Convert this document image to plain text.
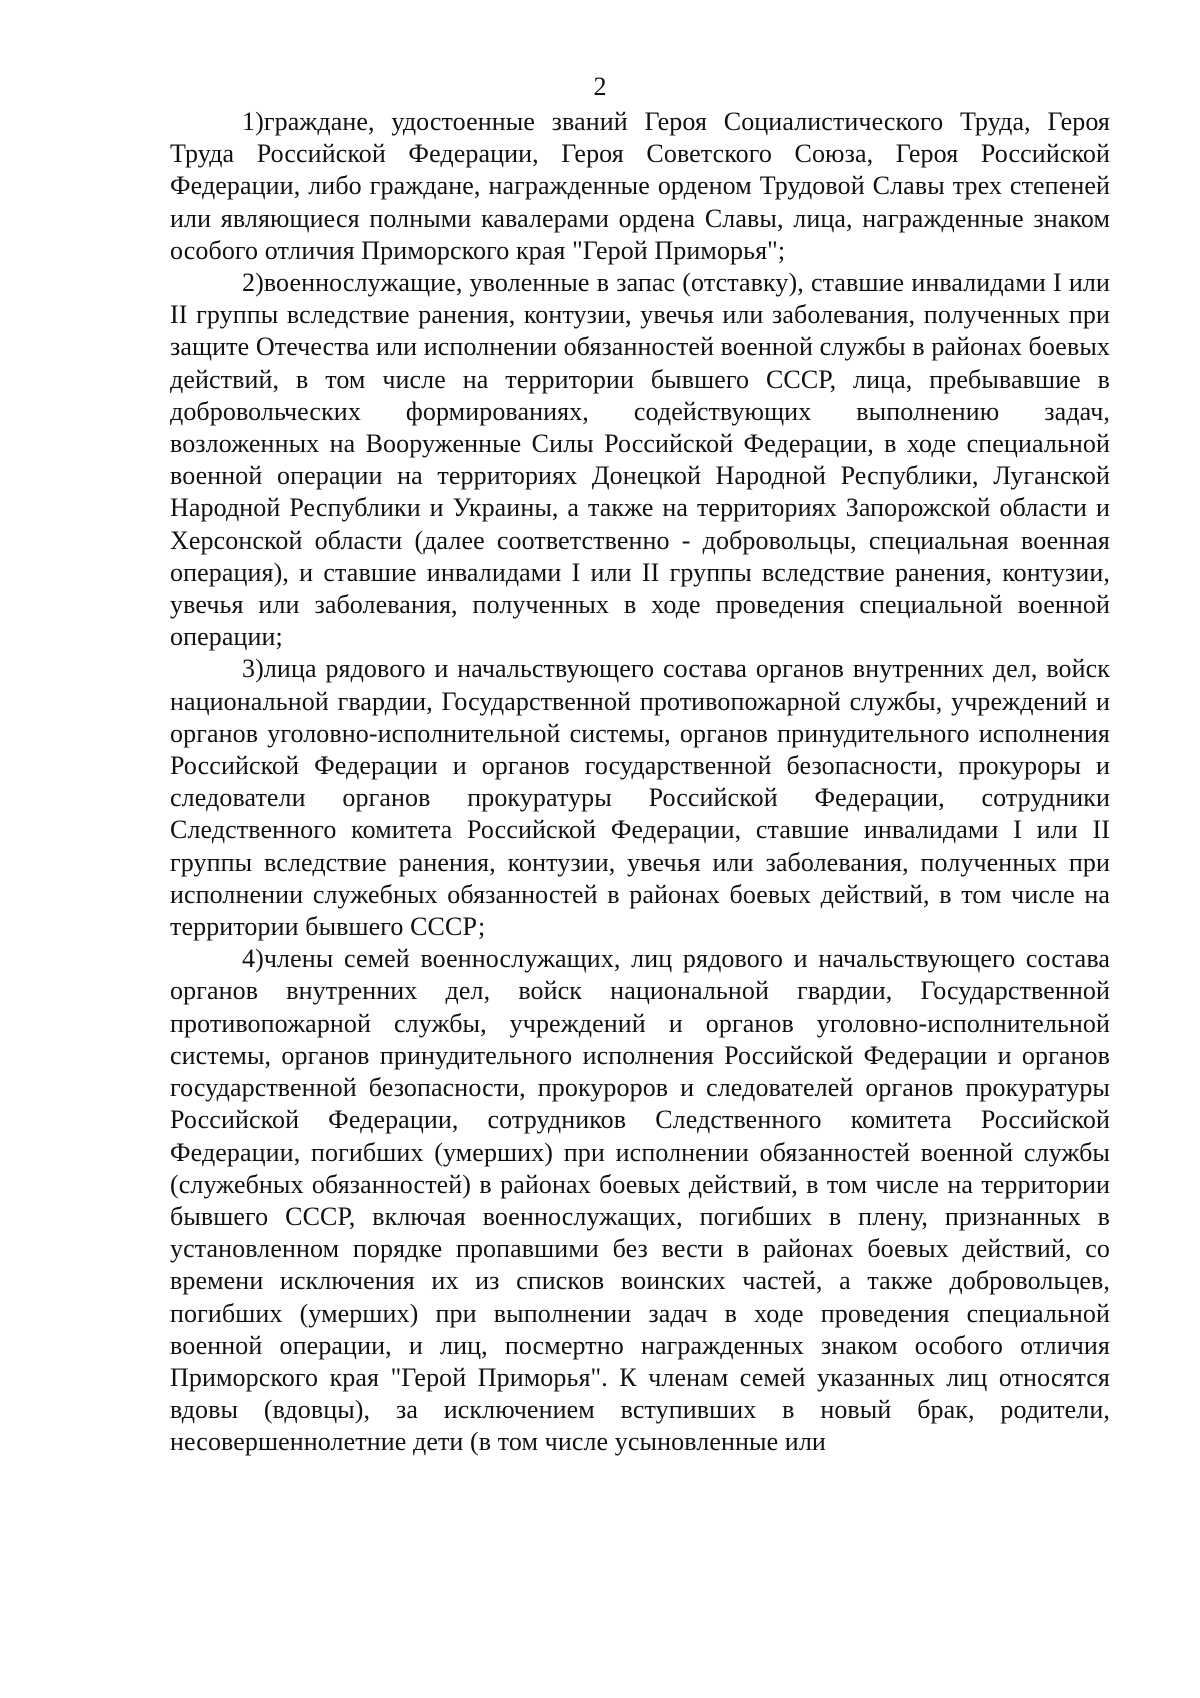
2

1)граждане, удостоенные званий Героя Социалистического Труда, Героя Труда Российской Федерации, Героя Советского Союза, Героя Российской Федерации, либо граждане, награжденные орденом Трудовой Славы трех степеней или являющиеся полными кавалерами ордена Славы, лица, награжденные знаком особого отличия Приморского края "Герой Приморья";

2)военнослужащие, уволенные в запас (отставку), ставшие инвалидами I или II группы вследствие ранения, контузии, увечья или заболевания, полученных при защите Отечества или исполнении обязанностей военной службы в районах боевых действий, в том числе на территории бывшего СССР, лица, пребывавшие в добровольческих формированиях, содействующих выполнению задач, возложенных на Вооруженные Силы Российской Федерации, в ходе специальной военной операции на территориях Донецкой Народной Республики, Луганской Народной Республики и Украины, а также на территориях Запорожской области и Херсонской области (далее соответственно - добровольцы, специальная военная операция), и ставшие инвалидами I или II группы вследствие ранения, контузии, увечья или заболевания, полученных в ходе проведения специальной военной операции;

3)лица рядового и начальствующего состава органов внутренних дел, войск национальной гвардии, Государственной противопожарной службы, учреждений и органов уголовно-исполнительной системы, органов принудительного исполнения Российской Федерации и органов государственной безопасности, прокуроры и следователи органов прокуратуры Российской Федерации, сотрудники Следственного комитета Российской Федерации, ставшие инвалидами I или II группы вследствие ранения, контузии, увечья или заболевания, полученных при исполнении служебных обязанностей в районах боевых действий, в том числе на территории бывшего СССР;

4)члены семей военнослужащих, лиц рядового и начальствующего состава органов внутренних дел, войск национальной гвардии, Государственной противопожарной службы, учреждений и органов уголовно-исполнительной системы, органов принудительного исполнения Российской Федерации и органов государственной безопасности, прокуроров и следователей органов прокуратуры Российской Федерации, сотрудников Следственного комитета Российской Федерации, погибших (умерших) при исполнении обязанностей военной службы (служебных обязанностей) в районах боевых действий, в том числе на территории бывшего СССР, включая военнослужащих, погибших в плену, признанных в установленном порядке пропавшими без вести в районах боевых действий, со времени исключения их из списков воинских частей, а также добровольцев, погибших (умерших) при выполнении задач в ходе проведения специальной военной операции, и лиц, посмертно награжденных знаком особого отличия Приморского края "Герой Приморья". К членам семей указанных лиц относятся вдовы (вдовцы), за исключением вступивших в новый брак, родители, несовершеннолетние дети (в том числе усыновленные или
